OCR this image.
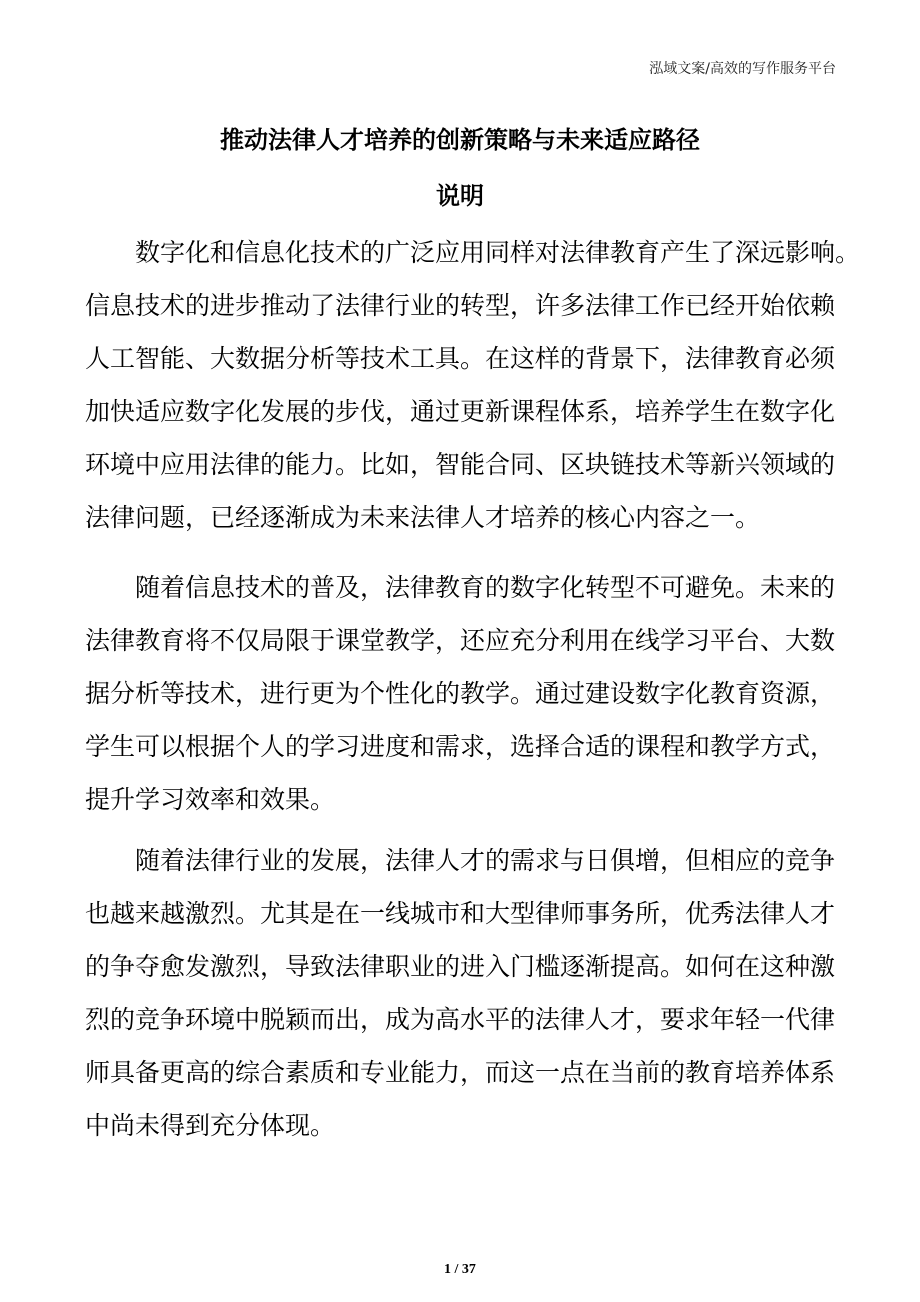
泓域文案/高效的写作服务平台
推动法律人才培养的创新策略与未来适应路径
说明
数字化和信息化技术的广泛应用同样对法律教育产生了深远影响。
信息技术的进步推动了法律行业的转型，许多法律工作已经开始依赖
人工智能、大数据分析等技术工具。在这样的背景下，法律教育必须
加快适应数字化发展的步伐，通过更新课程体系，培养学生在数字化
环境中应用法律的能力。比如，智能合同、区块链技术等新兴领域的
法律问题，已经逐渐成为未来法律人才培养的核心内容之一。
随着信息技术的普及，法律教育的数字化转型不可避免。未来的
法律教育将不仅局限于课堂教学，还应充分利用在线学习平台、大数
据分析等技术，进行更为个性化的教学。通过建设数字化教育资源，
学生可以根据个人的学习进度和需求，选择合适的课程和教学方式，
提升学习效率和效果。
随着法律行业的发展，法律人才的需求与日俱增，但相应的竞争
也越来越激烈。尤其是在一线城市和大型律师事务所，优秀法律人才
的争夺愈发激烈，导致法律职业的进入门槛逐渐提高。如何在这种激
烈的竞争环境中脱颖而出，成为高水平的法律人才，要求年轻一代律
师具备更高的综合素质和专业能力，而这一点在当前的教育培养体系
中尚未得到充分体现。
1 / 37
